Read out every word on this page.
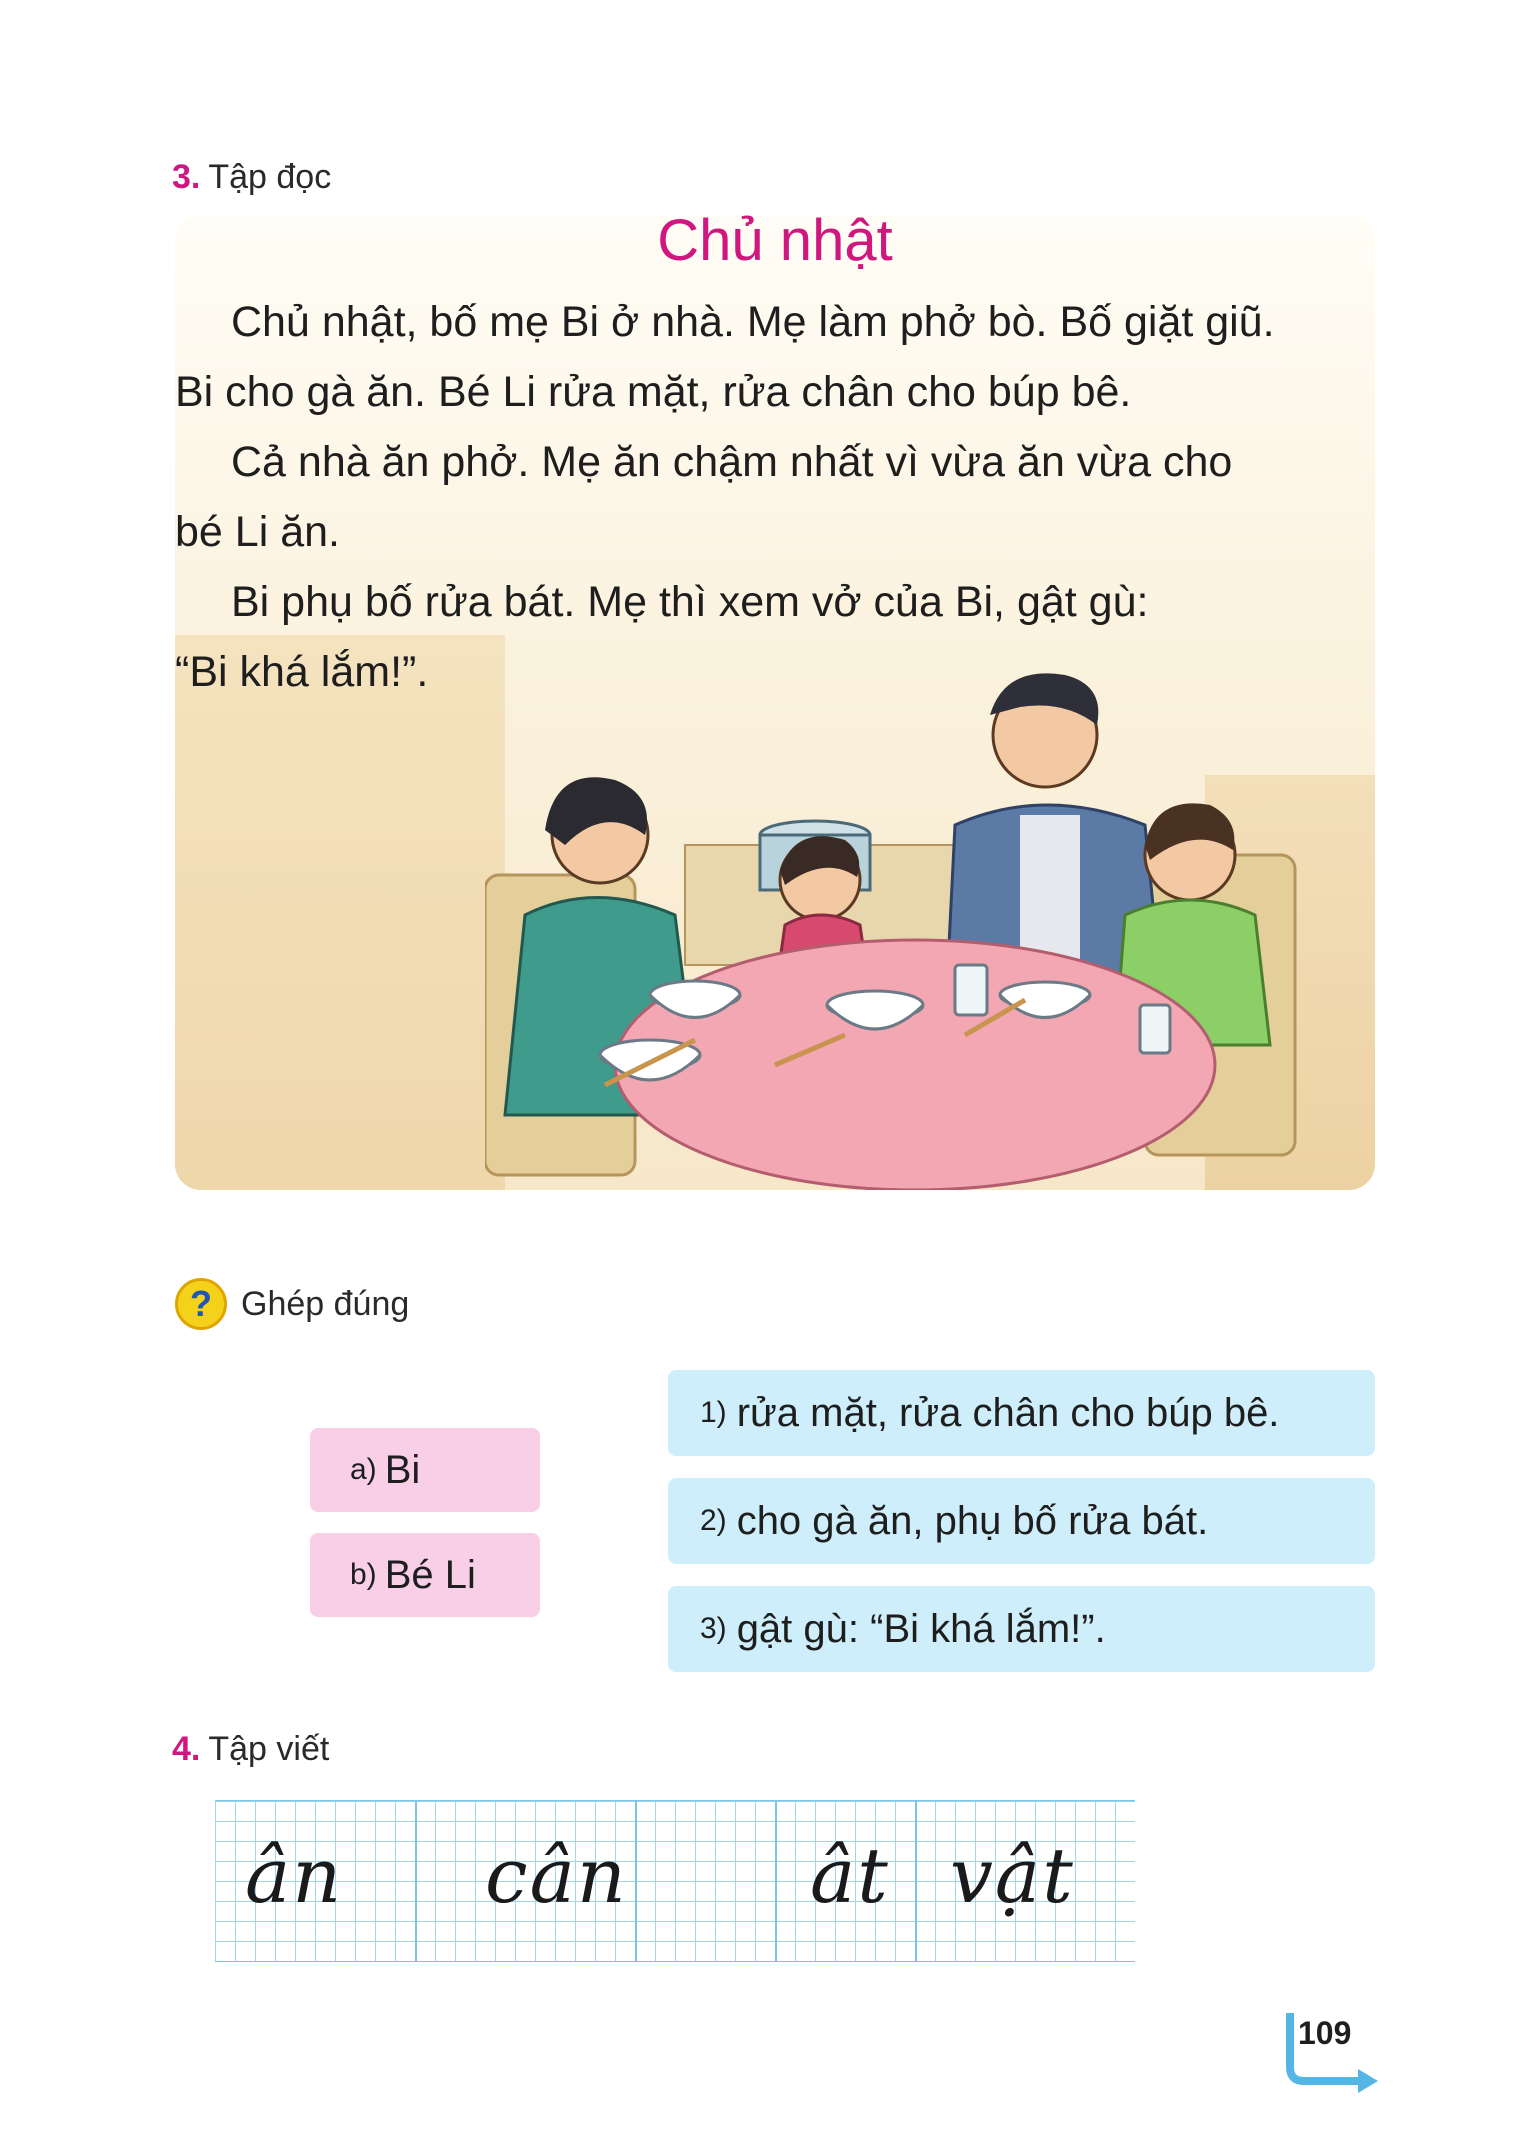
3. Tập đọc
Chủ nhật
Chủ nhật, bố mẹ Bi ở nhà. Mẹ làm phở bò. Bố giặt giũ.
Bi cho gà ăn. Bé Li rửa mặt, rửa chân cho búp bê.
Cả nhà ăn phở. Mẹ ăn chậm nhất vì vừa ăn vừa cho
bé Li ăn.
Bi phụ bố rửa bát. Mẹ thì xem vở của Bi, gật gù:
“Bi khá lắm!”.
? Ghép đúng
a) Bi
b) Bé Li
1) rửa mặt, rửa chân cho búp bê.
2) cho gà ăn, phụ bố rửa bát.
3) gật gù: “Bi khá lắm!”.
4. Tập viết
ân cân ât vật
109
